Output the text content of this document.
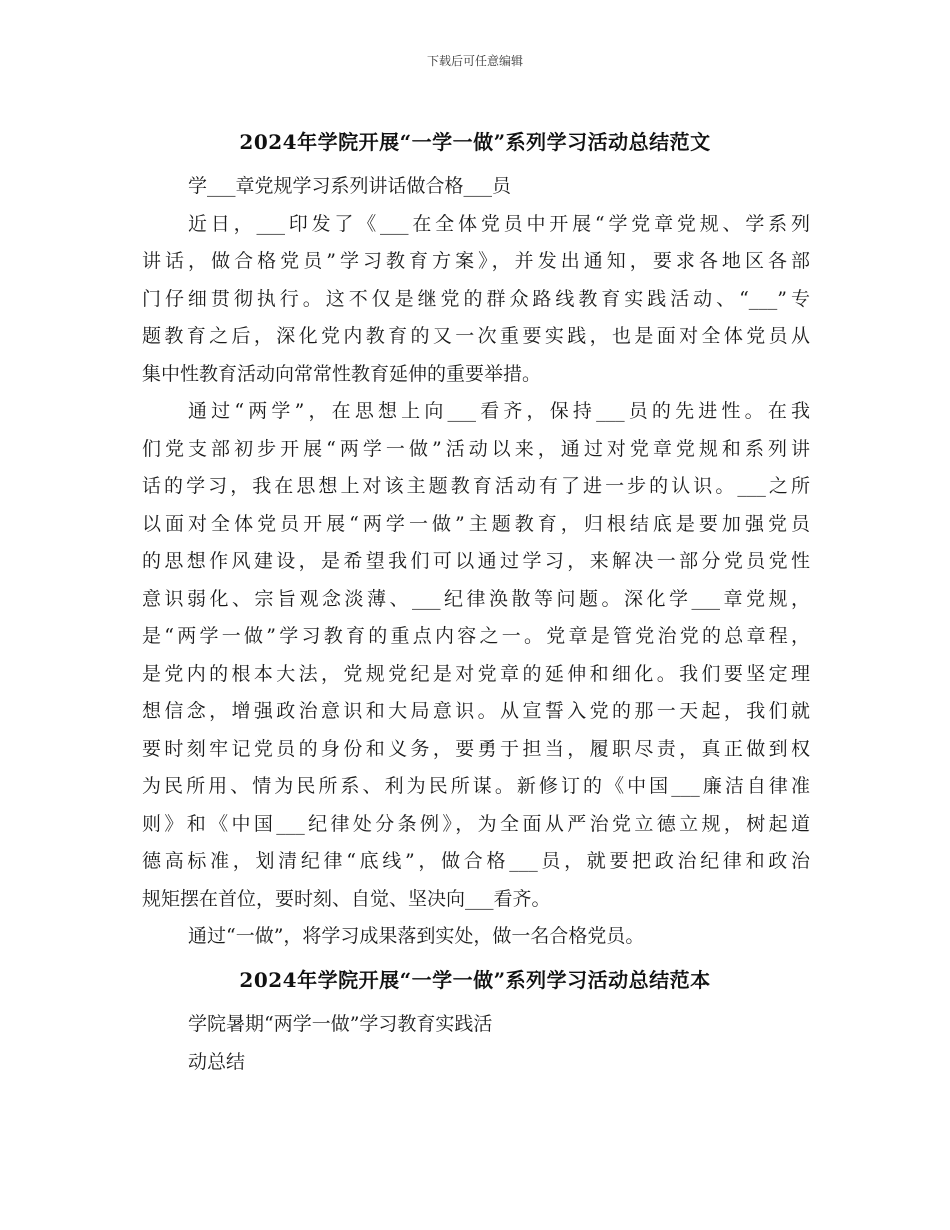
下载后可任意编辑
2024年学院开展“一学一做”系列学习活动总结范文
学___章党规学习系列讲话做合格___员
近日，___印发了《___在全体党员中开展“学党章党规、学系列
讲话，做合格党员”学习教育方案》，并发出通知，要求各地区各部
门仔细贯彻执行。这不仅是继党的群众路线教育实践活动、“___”专
题教育之后，深化党内教育的又一次重要实践，也是面对全体党员从
集中性教育活动向常常性教育延伸的重要举措。
通过“两学”，在思想上向___看齐，保持___员的先进性。在我
们党支部初步开展“两学一做”活动以来，通过对党章党规和系列讲
话的学习，我在思想上对该主题教育活动有了进一步的认识。___之所
以面对全体党员开展“两学一做”主题教育，归根结底是要加强党员
的思想作风建设，是希望我们可以通过学习，来解决一部分党员党性
意识弱化、宗旨观念淡薄、___纪律涣散等问题。深化学___章党规，
是“两学一做”学习教育的重点内容之一。党章是管党治党的总章程，
是党内的根本大法，党规党纪是对党章的延伸和细化。我们要坚定理
想信念，增强政治意识和大局意识。从宣誓入党的那一天起，我们就
要时刻牢记党员的身份和义务，要勇于担当，履职尽责，真正做到权
为民所用、情为民所系、利为民所谋。新修订的《中国___廉洁自律准
则》和《中国___纪律处分条例》，为全面从严治党立德立规，树起道
德高标准，划清纪律“底线”，做合格___员，就要把政治纪律和政治
规矩摆在首位，要时刻、自觉、坚决向___看齐。
通过“一做”，将学习成果落到实处，做一名合格党员。
2024年学院开展“一学一做”系列学习活动总结范本
学院暑期“两学一做”学习教育实践活
动总结
